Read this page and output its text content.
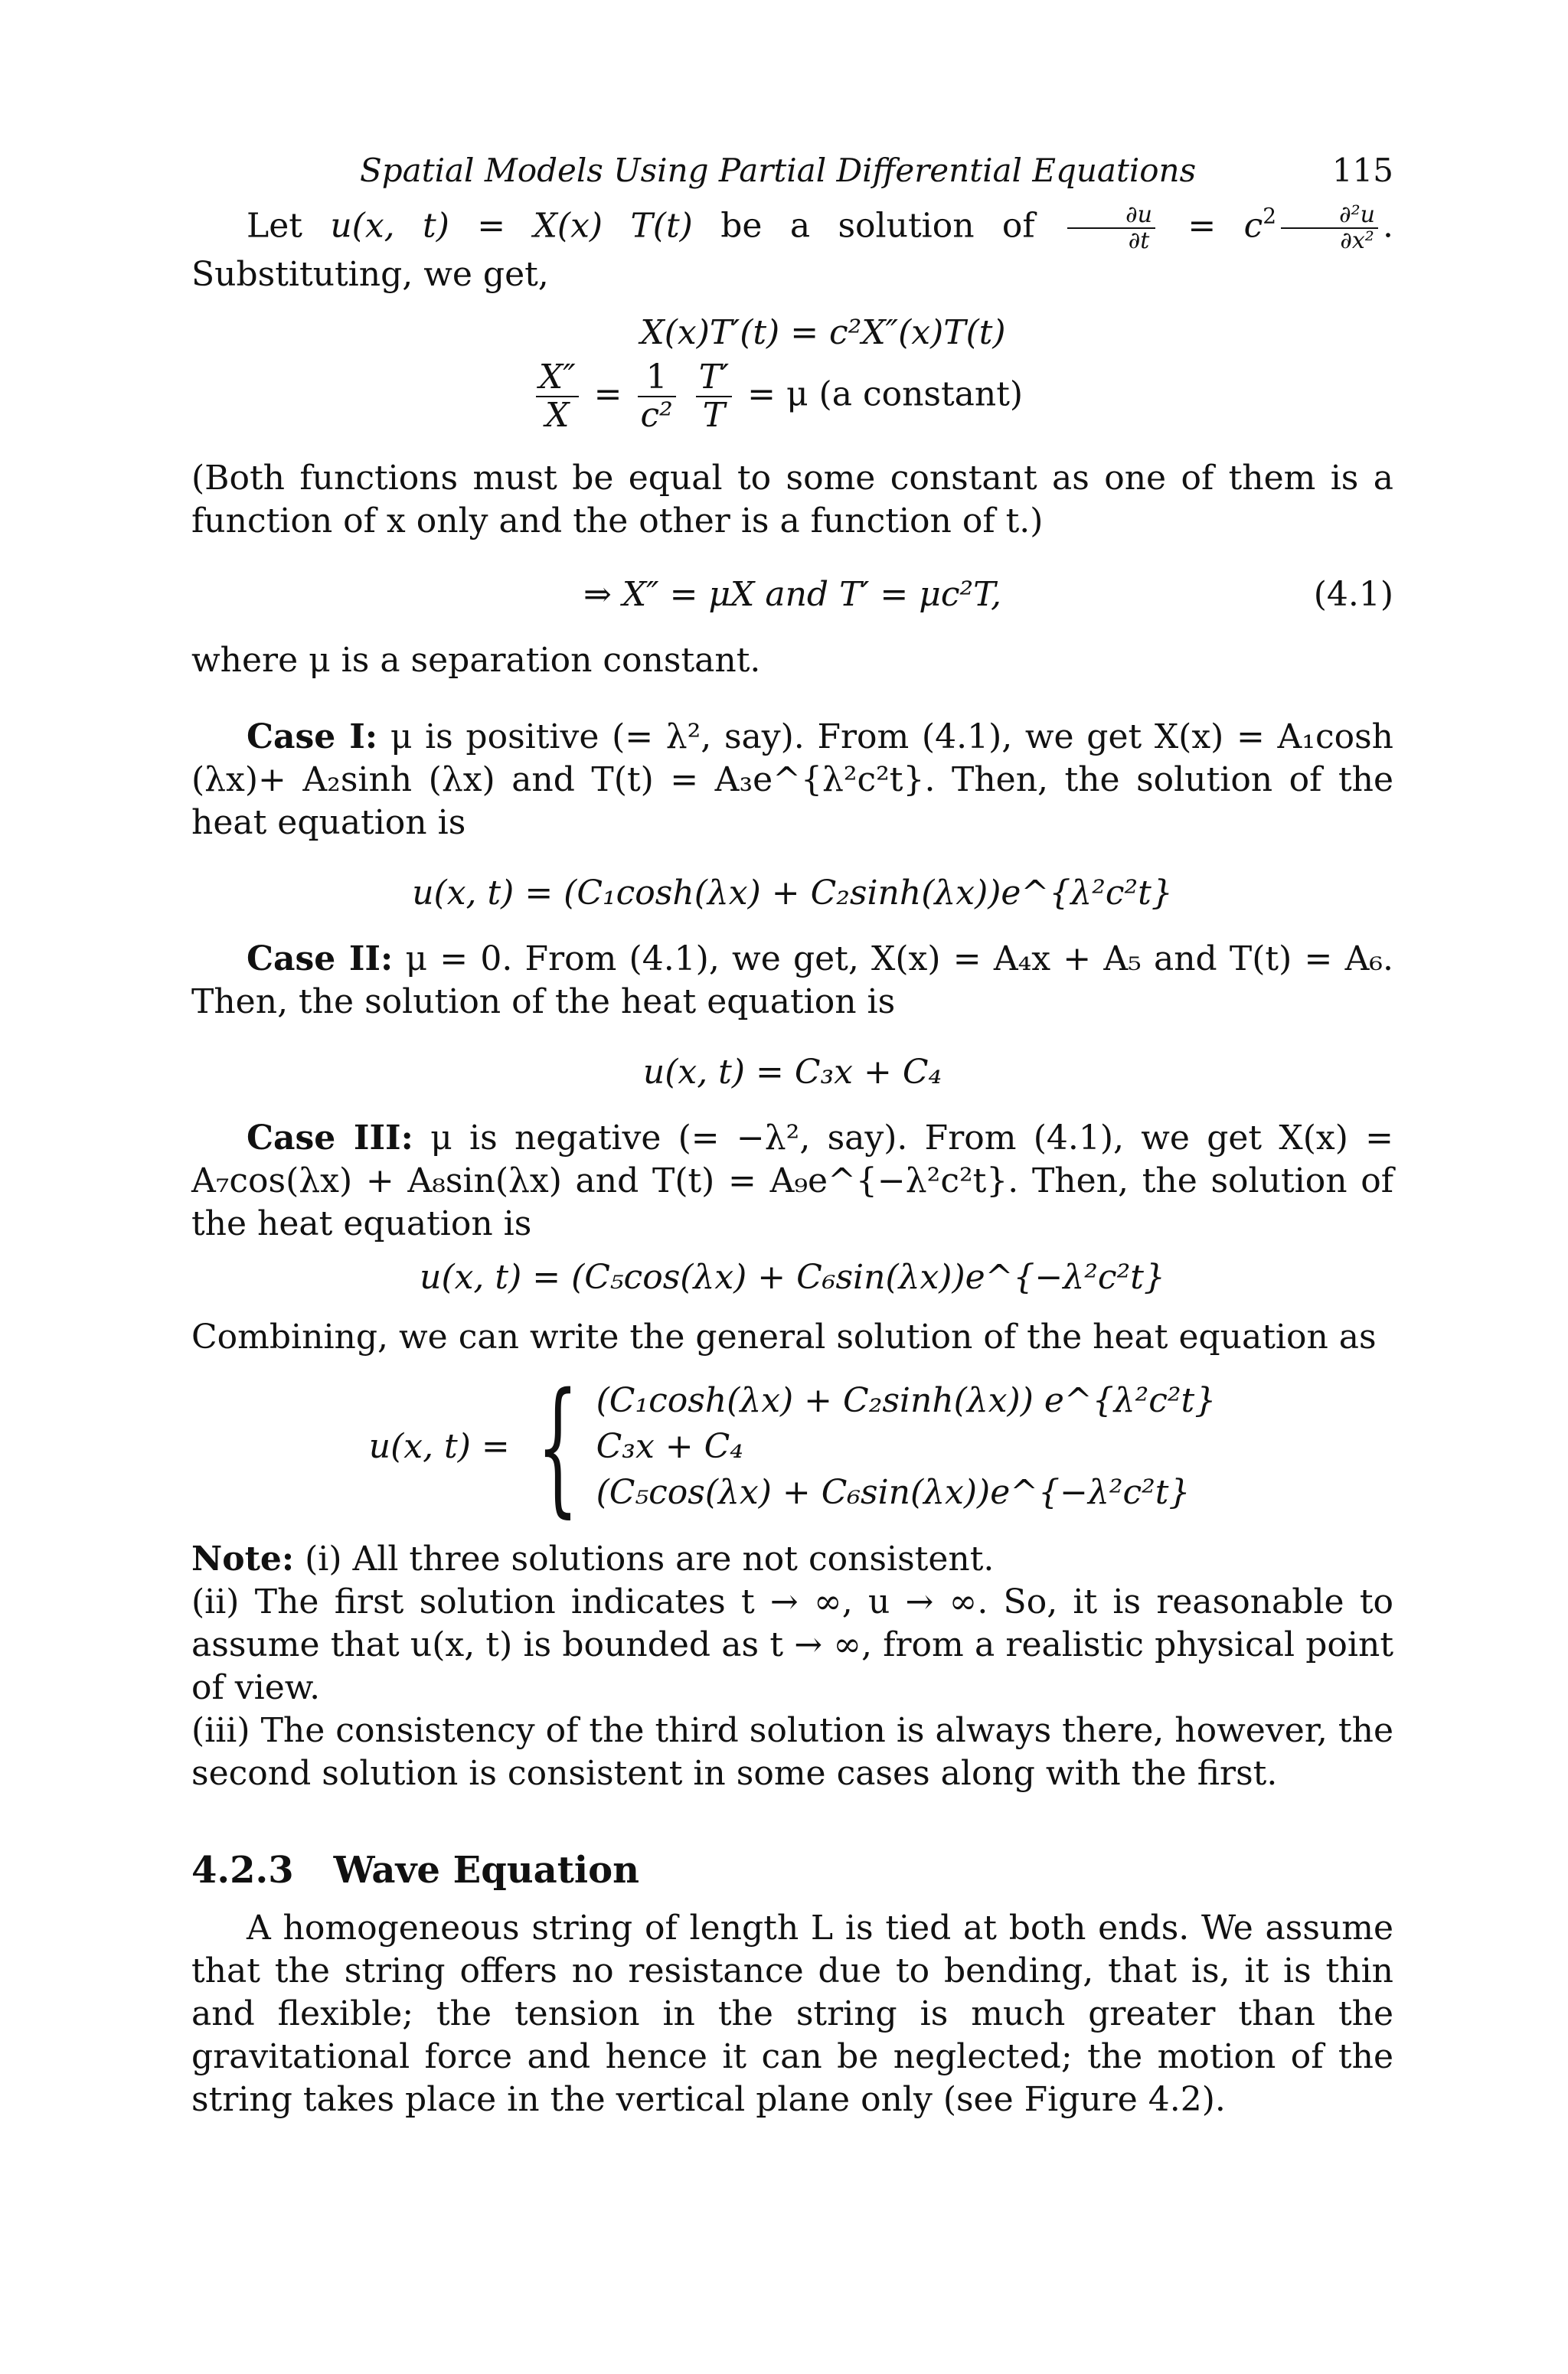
Spatial Models Using Partial Differential Equations	115

Let u(x, t) = X(x) T(t) be a solution of $\frac{\partial u}{\partial t} = c^2 \frac{\text{∂²u}}{\text{∂x²}}$ . Substituting, we get,

X(x)T′(t) = c²X″(x)T(t)
$\frac{X''}{X} = \frac{1}{\text{c²}}$
$\frac{T'}{T} = \mu$ (a constant)

(Both functions must be equal to some constant as one of them is a function of x only and the other is a function of t.)

⇒ X″ = μX and T′ = μc²T,	(4.1)

where μ is a separation constant.

Case I: μ is positive (= λ², say). From (4.1), we get X(x) = A₁cosh (λx)+ A₂sinh (λx) and T(t) = A₃e^{λ²c²t}. Then, the solution of the heat equation is

u(x, t) = (C₁cosh(λx) + C₂sinh(λx))e^{λ²c²t}

Case II: μ = 0. From (4.1), we get, X(x) = A₄x + A₅ and T(t) = A₆. Then, the solution of the heat equation is

u(x, t) = C₃x + C₄

Case III: μ is negative (= −λ², say). From (4.1), we get X(x) = A₇cos(λx) + A₈sin(λx) and T(t) = A₉e^{−λ²c²t}. Then, the solution of the heat equation is

u(x, t) = (C₅cos(λx) + C₆sin(λx))e^{−λ²c²t}

Combining, we can write the general solution of the heat equation as

u(x, t) = { (C₁cosh(λx) + C₂sinh(λx)) e^{λ²c²t}
C₃x + C₄
(C₅cos(λx) + C₆sin(λx))e^{−λ²c²t}

Note: (i) All three solutions are not consistent.

(ii) The first solution indicates t → ∞, u → ∞. So, it is reasonable to assume that u(x, t) is bounded as t → ∞, from a realistic physical point of view.

(iii) The consistency of the third solution is always there, however, the second solution is consistent in some cases along with the first.

4.2.3 Wave Equation

A homogeneous string of length L is tied at both ends. We assume that the string offers no resistance due to bending, that is, it is thin and flexible; the tension in the string is much greater than the gravitational force and hence it can be neglected; the motion of the string takes place in the vertical plane only (see Figure 4.2).
